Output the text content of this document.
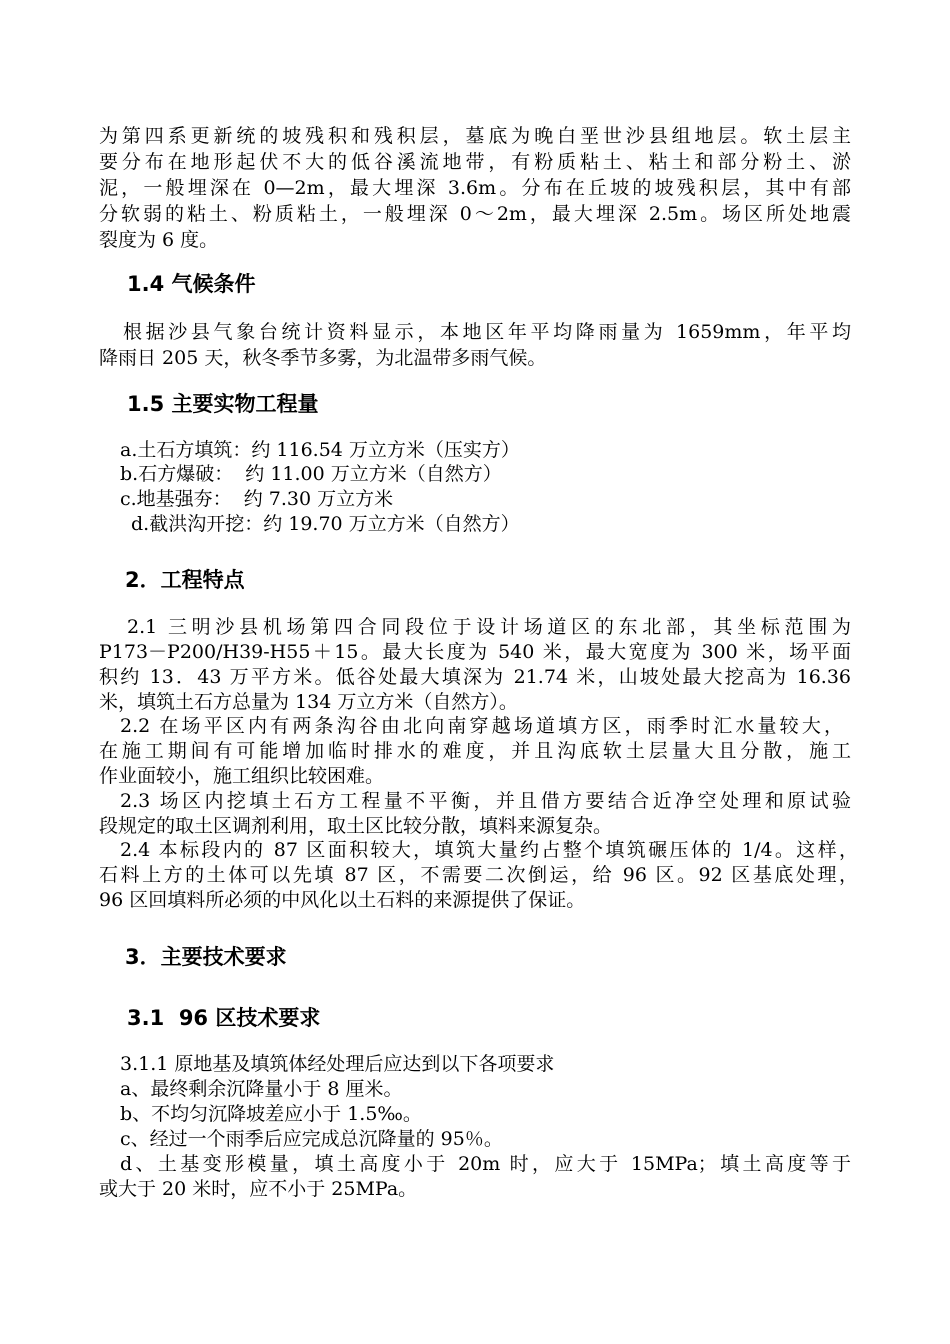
为第四系更新统的坡残积和残积层，墓底为晚白垩世沙县组地层。软土层主
要分布在地形起伏不大的低谷溪流地带，有粉质粘土、粘土和部分粉土、淤
泥，一般埋深在 0—2m，最大埋深 3.6m。分布在丘坡的坡残积层，其中有部
分软弱的粘土、粉质粘土，一般埋深 0～2m，最大埋深 2.5m。场区所处地震
裂度为 6 度。
1.4 气候条件
根据沙县气象台统计资料显示，本地区年平均降雨量为 1659mm，年平均
降雨日 205 天，秋冬季节多雾，为北温带多雨气候。
1.5 主要实物工程量
a.土石方填筑：约 116.54 万立方米（压实方）
b.石方爆破：  约 11.00 万立方米（自然方）
c.地基强夯：  约 7.30 万立方米
d.截洪沟开挖：约 19.70 万立方米（自然方）
2．工程特点
2.1 三明沙县机场第四合同段位于设计场道区的东北部，其坐标范围为
P173－P200/H39-H55＋15。最大长度为 540 米，最大宽度为 300 米，场平面
积约 13．43 万平方米。低谷处最大填深为 21.74 米，山坡处最大挖高为 16.36
米，填筑土石方总量为 134 万立方米（自然方）。
2.2 在场平区内有两条沟谷由北向南穿越场道填方区，雨季时汇水量较大，
在施工期间有可能增加临时排水的难度，并且沟底软土层量大且分散，施工
作业面较小，施工组织比较困难。
2.3 场区内挖填土石方工程量不平衡，并且借方要结合近净空处理和原试验
段规定的取土区调剂利用，取土区比较分散，填料来源复杂。
2.4 本标段内的 87 区面积较大，填筑大量约占整个填筑碾压体的 1/4。这样，
石料上方的土体可以先填 87 区，不需要二次倒运，给 96 区。92 区基底处理，
96 区回填料所必须的中风化以土石料的来源提供了保证。
3．主要技术要求
3.1  96 区技术要求
3.1.1 原地基及填筑体经处理后应达到以下各项要求
a、最终剩余沉降量小于 8 厘米。
b、不均匀沉降坡差应小于 1.5‰。
c、经过一个雨季后应完成总沉降量的 95％。
d、土基变形模量，填土高度小于 20m 时，应大于 15MPa；填土高度等于
或大于 20 米时，应不小于 25MPa。
